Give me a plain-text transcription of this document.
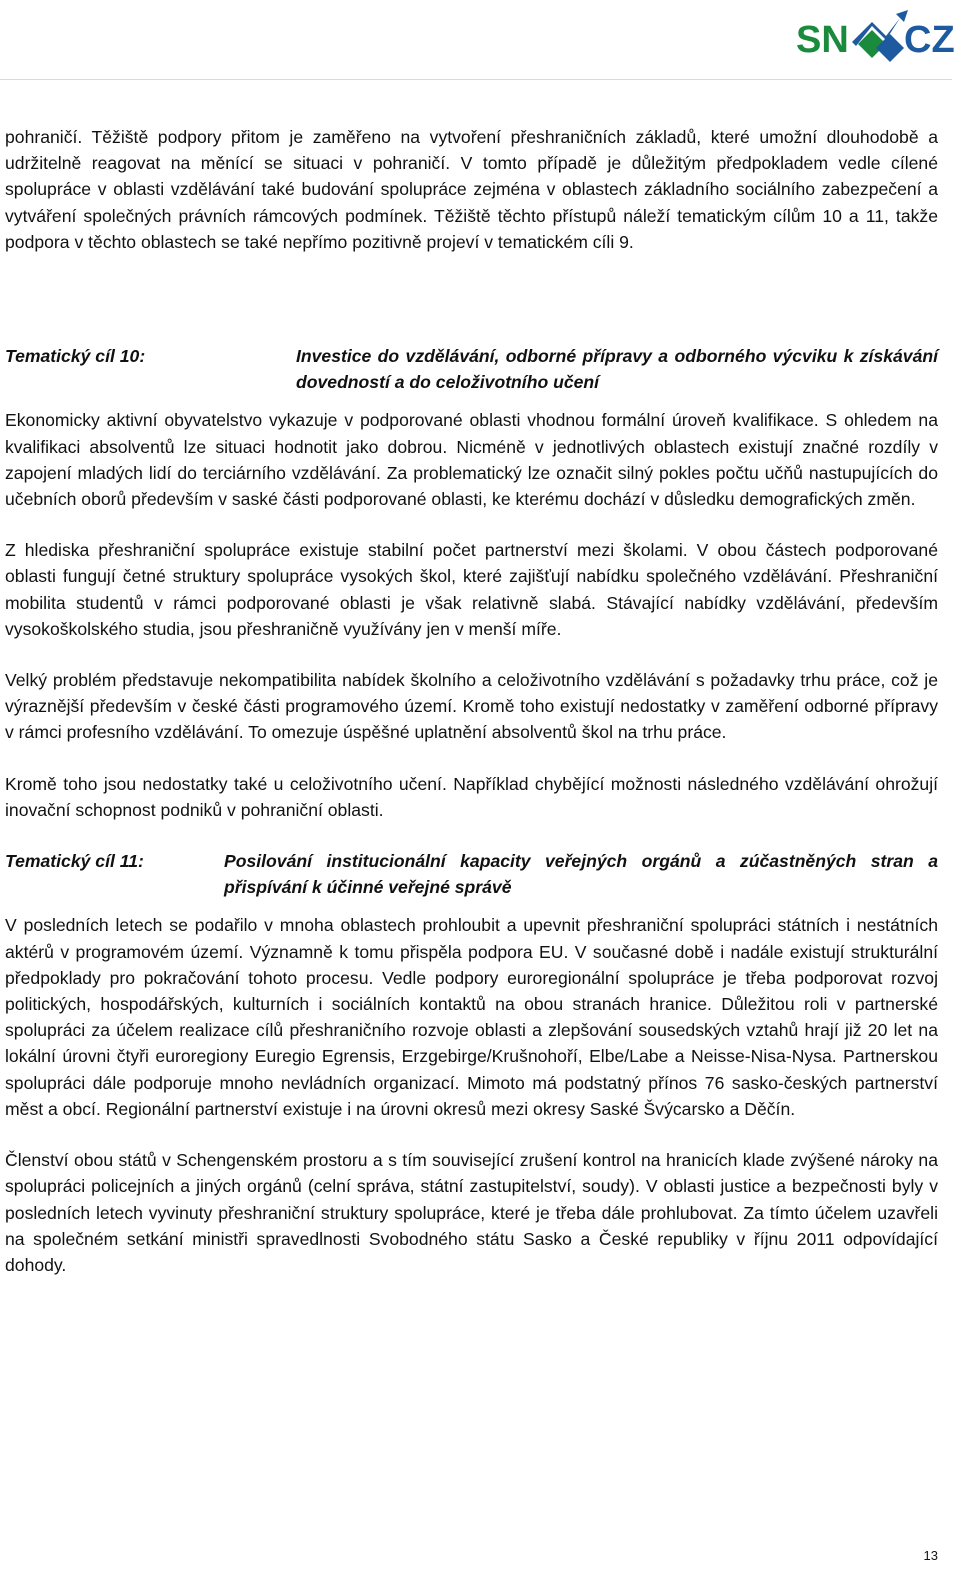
SN CZ

pohraničí. Těžiště podpory přitom je zaměřeno na vytvoření přeshraničních základů, které umožní dlouhodobě a udržitelně reagovat na měnící se situaci v pohraničí. V tomto případě je důležitým předpokladem vedle cílené spolupráce v oblasti vzdělávání také budování spolupráce zejména v oblastech základního sociálního zabezpečení a vytváření společných právních rámcových podmínek. Těžiště těchto přístupů náleží tematickým cílům 10 a 11, takže podpora v těchto oblastech se také nepřímo pozitivně projeví v tematickém cíli 9.

Tematický cíl 10:	Investice do vzdělávání, odborné přípravy a odborného výcviku k získávání dovedností a do celoživotního učení

Ekonomicky aktivní obyvatelstvo vykazuje v podporované oblasti vhodnou formální úroveň kvalifikace. S ohledem na kvalifikaci absolventů lze situaci hodnotit jako dobrou. Nicméně v jednotlivých oblastech existují značné rozdíly v zapojení mladých lidí do terciárního vzdělávání. Za problematický lze označit silný pokles počtu učňů nastupujících do učebních oborů především v saské části podporované oblasti, ke kterému dochází v důsledku demografických změn.

Z hlediska přeshraniční spolupráce existuje stabilní počet partnerství mezi školami. V obou částech podporované oblasti fungují četné struktury spolupráce vysokých škol, které zajišťují nabídku společného vzdělávání. Přeshraniční mobilita studentů v rámci podporované oblasti je však relativně slabá. Stávající nabídky vzdělávání, především vysokoškolského studia, jsou přeshraničně využívány jen v menší míře.

Velký problém představuje nekompatibilita nabídek školního a celoživotního vzdělávání s požadavky trhu práce, což je výraznější především v české části programového území. Kromě toho existují nedostatky v zaměření odborné přípravy v rámci profesního vzdělávání. To omezuje úspěšné uplatnění absolventů škol na trhu práce.

Kromě toho jsou nedostatky také u celoživotního učení. Například chybějící možnosti následného vzdělávání ohrožují inovační schopnost podniků v pohraniční oblasti.

Tematický cíl 11:	Posilování institucionální kapacity veřejných orgánů a zúčastněných stran a přispívání k účinné veřejné správě

V posledních letech se podařilo v mnoha oblastech prohloubit a upevnit přeshraniční spolupráci státních i nestátních aktérů v programovém území. Významně k tomu přispěla podpora EU. V současné době i nadále existují strukturální předpoklady pro pokračování tohoto procesu. Vedle podpory euroregionální spolupráce je třeba podporovat rozvoj politických, hospodářských, kulturních i sociálních kontaktů na obou stranách hranice. Důležitou roli v partnerské spolupráci za účelem realizace cílů přeshraničního rozvoje oblasti a zlepšování sousedských vztahů hrají již 20 let na lokální úrovni čtyři euroregiony Euregio Egrensis, Erzgebirge/Krušnohoří, Elbe/Labe a Neisse-Nisa-Nysa. Partnerskou spolupráci dále podporuje mnoho nevládních organizací. Mimoto má podstatný přínos 76 sasko-českých partnerství měst a obcí. Regionální partnerství existuje i na úrovni okresů mezi okresy Saské Švýcarsko a Děčín.

Členství obou států v Schengenském prostoru a s tím související zrušení kontrol na hranicích klade zvýšené nároky na spolupráci policejních a jiných orgánů (celní správa, státní zastupitelství, soudy). V oblasti justice a bezpečnosti byly v posledních letech vyvinuty přeshraniční struktury spolupráce, které je třeba dále prohlubovat. Za tímto účelem uzavřeli na společném setkání ministři spravedlnosti Svobodného státu Sasko a České republiky v říjnu 2011 odpovídající dohody.

13
